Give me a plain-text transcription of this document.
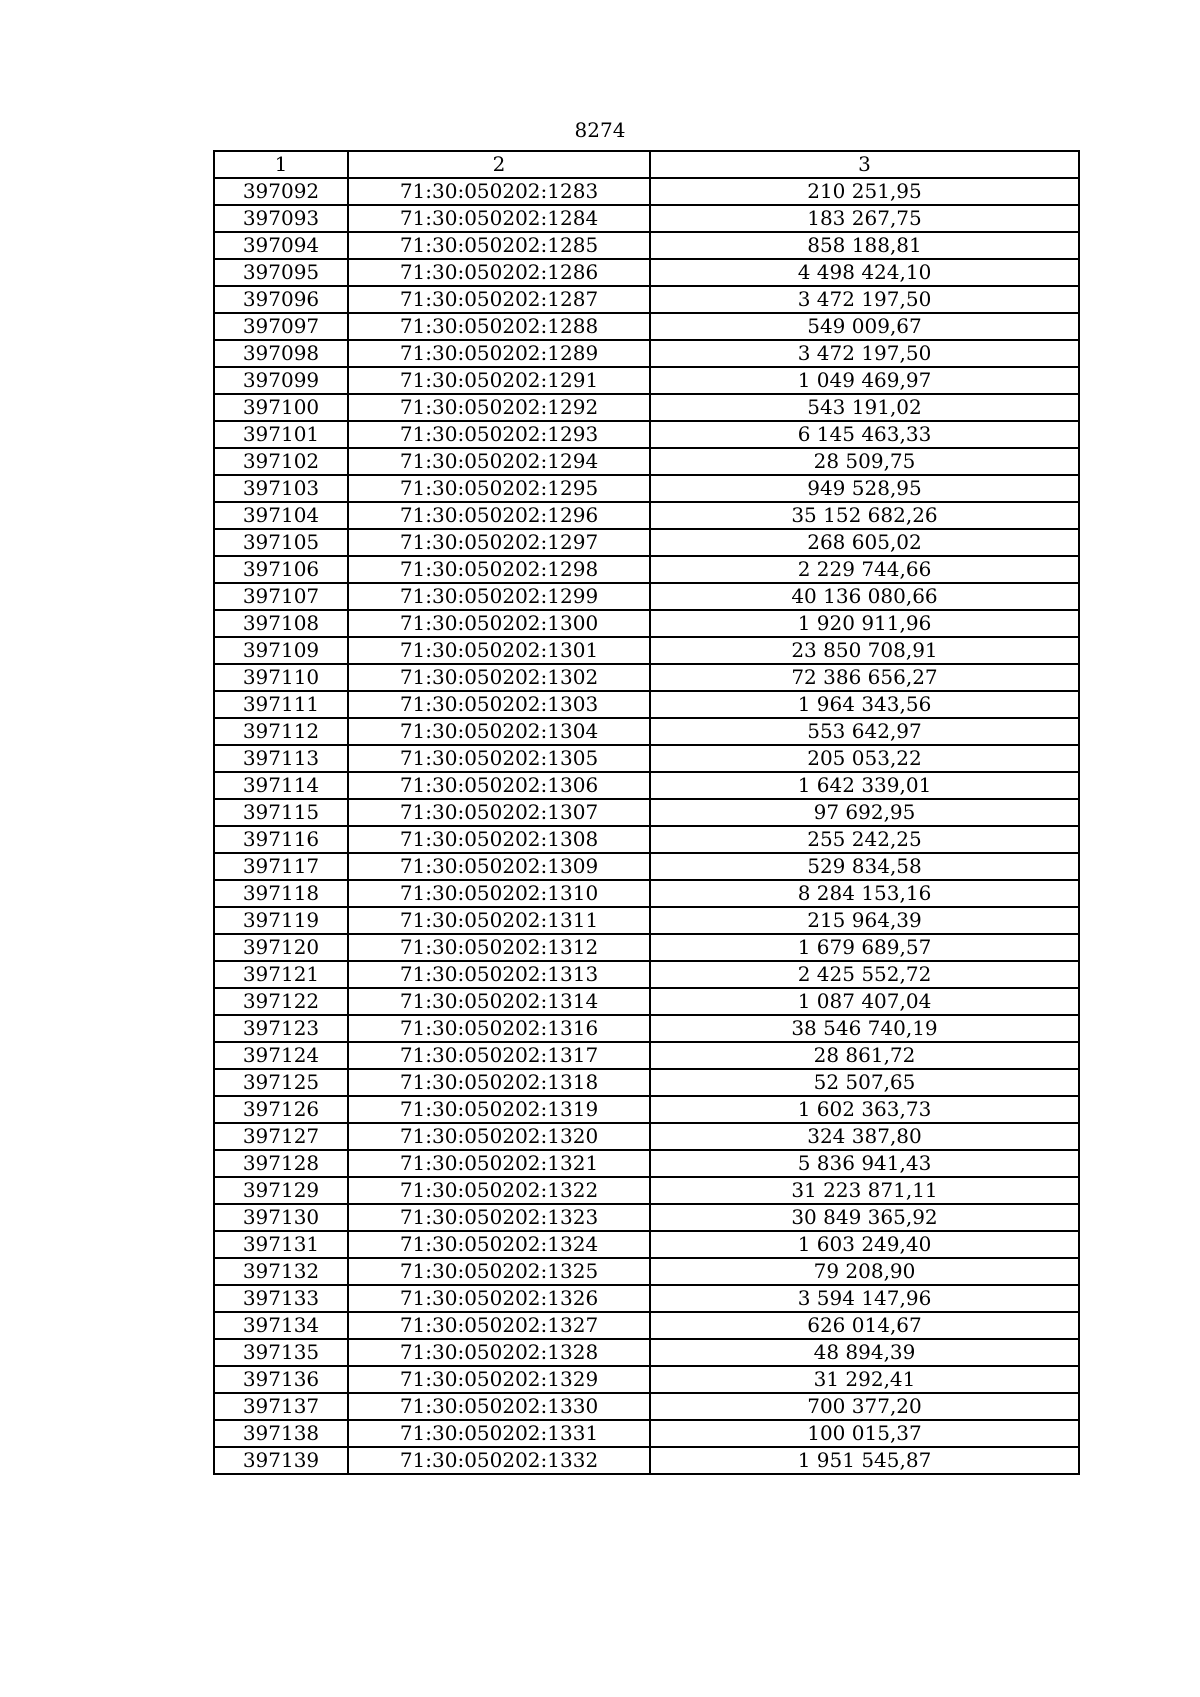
8274
1	2	3
397092	71:30:050202:1283	210 251,95
397093	71:30:050202:1284	183 267,75
397094	71:30:050202:1285	858 188,81
397095	71:30:050202:1286	4 498 424,10
397096	71:30:050202:1287	3 472 197,50
397097	71:30:050202:1288	549 009,67
397098	71:30:050202:1289	3 472 197,50
397099	71:30:050202:1291	1 049 469,97
397100	71:30:050202:1292	543 191,02
397101	71:30:050202:1293	6 145 463,33
397102	71:30:050202:1294	28 509,75
397103	71:30:050202:1295	949 528,95
397104	71:30:050202:1296	35 152 682,26
397105	71:30:050202:1297	268 605,02
397106	71:30:050202:1298	2 229 744,66
397107	71:30:050202:1299	40 136 080,66
397108	71:30:050202:1300	1 920 911,96
397109	71:30:050202:1301	23 850 708,91
397110	71:30:050202:1302	72 386 656,27
397111	71:30:050202:1303	1 964 343,56
397112	71:30:050202:1304	553 642,97
397113	71:30:050202:1305	205 053,22
397114	71:30:050202:1306	1 642 339,01
397115	71:30:050202:1307	97 692,95
397116	71:30:050202:1308	255 242,25
397117	71:30:050202:1309	529 834,58
397118	71:30:050202:1310	8 284 153,16
397119	71:30:050202:1311	215 964,39
397120	71:30:050202:1312	1 679 689,57
397121	71:30:050202:1313	2 425 552,72
397122	71:30:050202:1314	1 087 407,04
397123	71:30:050202:1316	38 546 740,19
397124	71:30:050202:1317	28 861,72
397125	71:30:050202:1318	52 507,65
397126	71:30:050202:1319	1 602 363,73
397127	71:30:050202:1320	324 387,80
397128	71:30:050202:1321	5 836 941,43
397129	71:30:050202:1322	31 223 871,11
397130	71:30:050202:1323	30 849 365,92
397131	71:30:050202:1324	1 603 249,40
397132	71:30:050202:1325	79 208,90
397133	71:30:050202:1326	3 594 147,96
397134	71:30:050202:1327	626 014,67
397135	71:30:050202:1328	48 894,39
397136	71:30:050202:1329	31 292,41
397137	71:30:050202:1330	700 377,20
397138	71:30:050202:1331	100 015,37
397139	71:30:050202:1332	1 951 545,87
